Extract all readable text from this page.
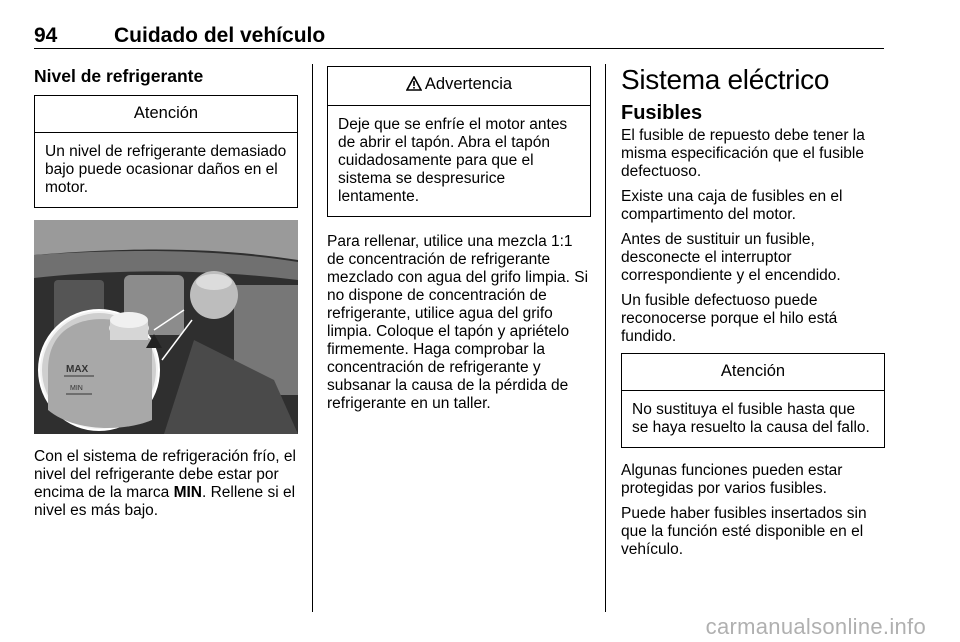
94	Cuidado del vehículo
Nivel de refrigerante
Atención
Un nivel de refrigerante demasiado bajo puede ocasionar daños en el motor.
MAX
MIN

Con el sistema de refrigeración frío, el nivel del refrigerante debe estar por encima de la marca MIN. Rellene si el nivel es más bajo.

Advertencia
Deje que se enfríe el motor antes de abrir el tapón. Abra el tapón cuidadosamente para que el sistema se despresurice lentamente.

Para rellenar, utilice una mezcla 1:1 de concentración de refrigerante mezclado con agua del grifo limpia. Si no dispone de concentración de refrigerante, utilice agua del grifo limpia. Coloque el tapón y apriételo firmemente. Haga comprobar la concentración de refrigerante y subsanar la causa de la pérdida de refrigerante en un taller.

Sistema eléctrico
Fusibles

El fusible de repuesto debe tener la misma especificación que el fusible defectuoso.

Existe una caja de fusibles en el compartimento del motor.

Antes de sustituir un fusible, desconecte el interruptor correspondiente y el encendido.

Un fusible defectuoso puede reconocerse porque el hilo está fundido.

Atención
No sustituya el fusible hasta que se haya resuelto la causa del fallo.

Algunas funciones pueden estar protegidas por varios fusibles.

Puede haber fusibles insertados sin que la función esté disponible en el vehículo.

carmanualsonline.info
